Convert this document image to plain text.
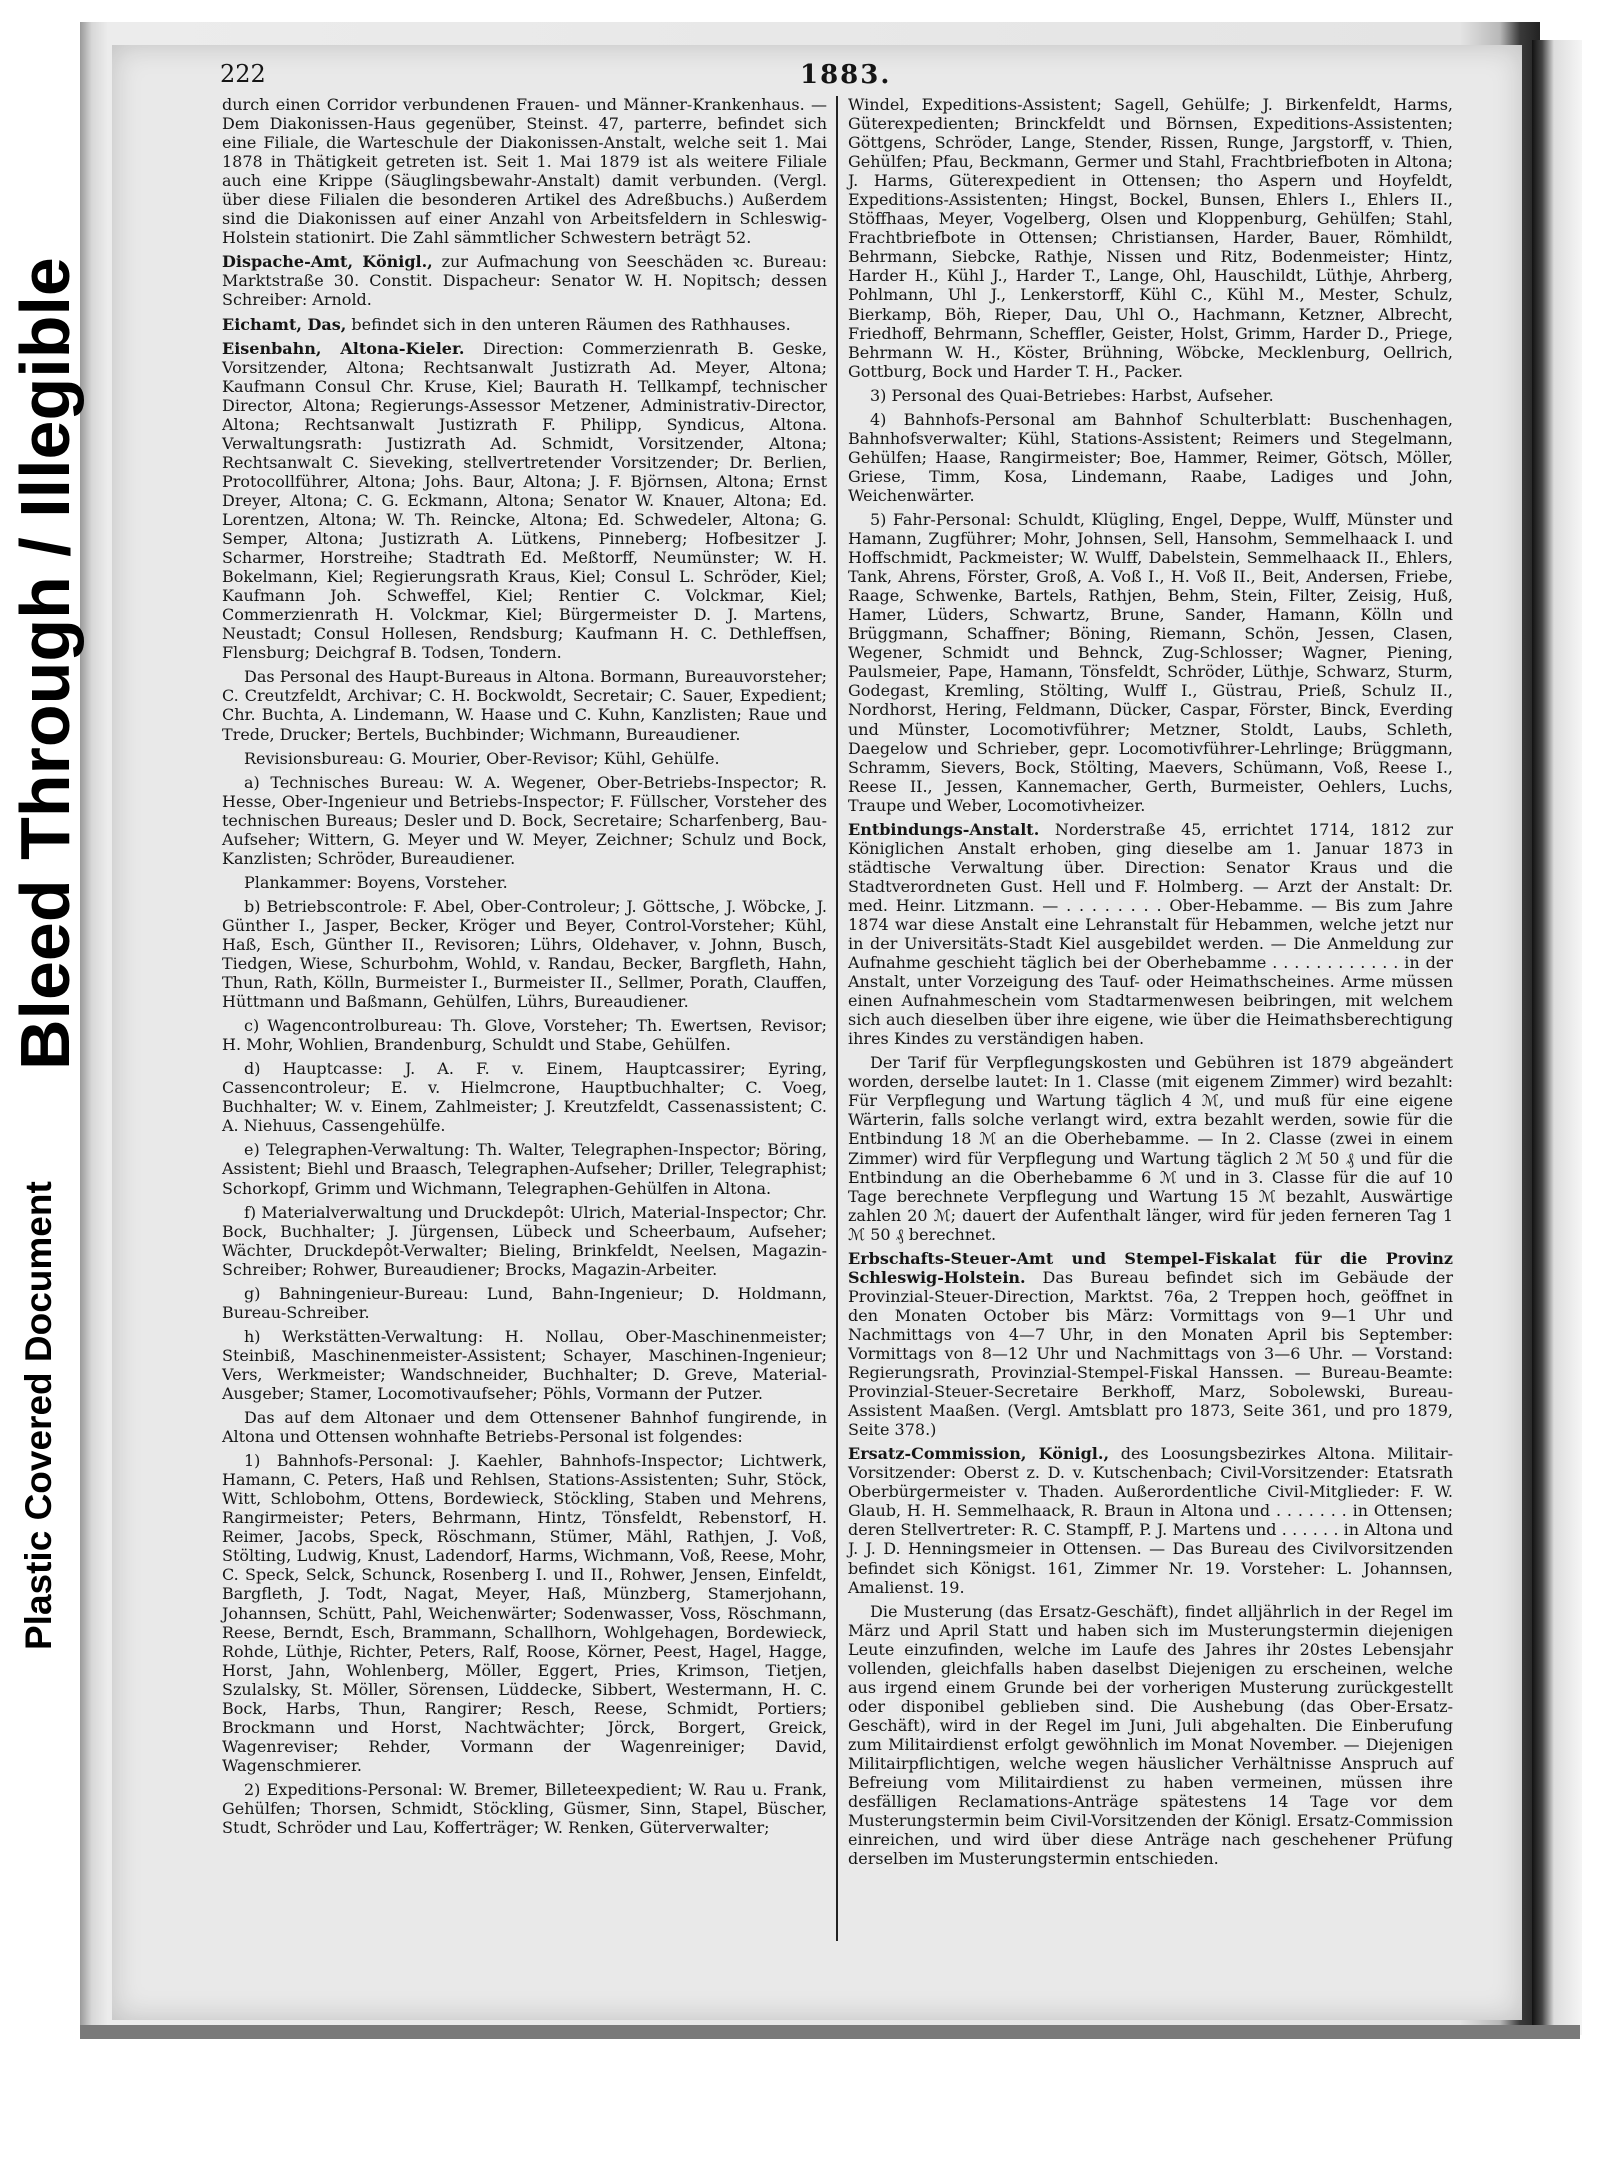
Plastic Covered Document
Bleed Through / Illegible
222	1883.

durch einen Corridor verbundenen Frauen- und Männer-Krankenhaus. — Dem Diakonissen-Haus gegenüber, Steinst. 47, parterre, befindet sich eine Filiale, die Warteschule der Diakonissen-Anstalt, welche seit 1. Mai 1878 in Thätigkeit getreten ist. Seit 1. Mai 1879 ist als weitere Filiale auch eine Krippe (Säuglingsbewahr-Anstalt) damit verbunden. (Vergl. über diese Filialen die besonderen Artikel des Adreßbuchs.) Außerdem sind die Diakonissen auf einer Anzahl von Arbeitsfeldern in Schleswig-Holstein stationirt. Die Zahl sämmtlicher Schwestern beträgt 52.

Dispache-Amt, Königl., zur Aufmachung von Seeschäden ꝛc. Bureau: Marktstraße 30. Constit. Dispacheur: Senator W. H. Nopitsch; dessen Schreiber: Arnold.

Eichamt, Das, befindet sich in den unteren Räumen des Rathhauses.

Eisenbahn, Altona-Kieler. Direction: Commerzienrath B. Geske, Vorsitzender, Altona; Rechtsanwalt Justizrath Ad. Meyer, Altona; Kaufmann Consul Chr. Kruse, Kiel; Baurath H. Tellkampf, technischer Director, Altona; Regierungs-Assessor Metzener, Administrativ-Director, Altona; Rechtsanwalt Justizrath F. Philipp, Syndicus, Altona. Verwaltungsrath: Justizrath Ad. Schmidt, Vorsitzender, Altona; Rechtsanwalt C. Sieveking, stellvertretender Vorsitzender; Dr. Berlien, Protocollführer, Altona; Johs. Baur, Altona; J. F. Björnsen, Altona; Ernst Dreyer, Altona; C. G. Eckmann, Altona; Senator W. Knauer, Altona; Ed. Lorentzen, Altona; W. Th. Reincke, Altona; Ed. Schwedeler, Altona; G. Semper, Altona; Justizrath A. Lütkens, Pinneberg; Hofbesitzer J. Scharmer, Horstreihe; Stadtrath Ed. Meßtorff, Neumünster; W. H. Bokelmann, Kiel; Regierungsrath Kraus, Kiel; Consul L. Schröder, Kiel; Kaufmann Joh. Schweffel, Kiel; Rentier C. Volckmar, Kiel; Commerzienrath H. Volckmar, Kiel; Bürgermeister D. J. Martens, Neustadt; Consul Hollesen, Rendsburg; Kaufmann H. C. Dethleffsen, Flensburg; Deichgraf B. Todsen, Tondern.

Das Personal des Haupt-Bureaus in Altona. Bormann, Bureauvorsteher; C. Creutzfeldt, Archivar; C. H. Bockwoldt, Secretair; C. Sauer, Expedient; Chr. Buchta, A. Lindemann, W. Haase und C. Kuhn, Kanzlisten; Raue und Trede, Drucker; Bertels, Buchbinder; Wichmann, Bureaudiener.

Revisionsbureau: G. Mourier, Ober-Revisor; Kühl, Gehülfe.

a) Technisches Bureau: W. A. Wegener, Ober-Betriebs-Inspector; R. Hesse, Ober-Ingenieur und Betriebs-Inspector; F. Füllscher, Vorsteher des technischen Bureaus; Desler und D. Bock, Secretaire; Scharfenberg, Bau-Aufseher; Wittern, G. Meyer und W. Meyer, Zeichner; Schulz und Bock, Kanzlisten; Schröder, Bureaudiener.

Plankammer: Boyens, Vorsteher.

b) Betriebscontrole: F. Abel, Ober-Controleur; J. Göttsche, J. Wöbcke, J. Günther I., Jasper, Becker, Kröger und Beyer, Control-Vorsteher; Kühl, Haß, Esch, Günther II., Revisoren; Lührs, Oldehaver, v. Johnn, Busch, Tiedgen, Wiese, Schurbohm, Wohld, v. Randau, Becker, Bargfleth, Hahn, Thun, Rath, Kölln, Burmeister I., Burmeister II., Sellmer, Porath, Clauffen, Hüttmann und Baßmann, Gehülfen, Lührs, Bureaudiener.

c) Wagencontrolbureau: Th. Glove, Vorsteher; Th. Ewertsen, Revisor; H. Mohr, Wohlien, Brandenburg, Schuldt und Stabe, Gehülfen.

d) Hauptcasse: J. A. F. v. Einem, Hauptcassirer; Eyring, Cassencontroleur; E. v. Hielmcrone, Hauptbuchhalter; C. Voeg, Buchhalter; W. v. Einem, Zahlmeister; J. Kreutzfeldt, Cassenassistent; C. A. Niehuus, Cassengehülfe.

e) Telegraphen-Verwaltung: Th. Walter, Telegraphen-Inspector; Böring, Assistent; Biehl und Braasch, Telegraphen-Aufseher; Driller, Telegraphist; Schorkopf, Grimm und Wichmann, Telegraphen-Gehülfen in Altona.

f) Materialverwaltung und Druckdepôt: Ulrich, Material-Inspector; Chr. Bock, Buchhalter; J. Jürgensen, Lübeck und Scheerbaum, Aufseher; Wächter, Druckdepôt-Verwalter; Bieling, Brinkfeldt, Neelsen, Magazin-Schreiber; Rohwer, Bureaudiener; Brocks, Magazin-Arbeiter.

g) Bahningenieur-Bureau: Lund, Bahn-Ingenieur; D. Holdmann, Bureau-Schreiber.

h) Werkstätten-Verwaltung: H. Nollau, Ober-Maschinenmeister; Steinbiß, Maschinenmeister-Assistent; Schayer, Maschinen-Ingenieur; Vers, Werkmeister; Wandschneider, Buchhalter; D. Greve, Material-Ausgeber; Stamer, Locomotivaufseher; Pöhls, Vormann der Putzer.

Das auf dem Altonaer und dem Ottensener Bahnhof fungirende, in Altona und Ottensen wohnhafte Betriebs-Personal ist folgendes:

1) Bahnhofs-Personal: J. Kaehler, Bahnhofs-Inspector; Lichtwerk, Hamann, C. Peters, Haß und Rehlsen, Stations-Assistenten; Suhr, Stöck, Witt, Schlobohm, Ottens, Bordewieck, Stöckling, Staben und Mehrens, Rangirmeister; Peters, Behrmann, Hintz, Tönsfeldt, Rebenstorf, H. Reimer, Jacobs, Speck, Röschmann, Stümer, Mähl, Rathjen, J. Voß, Stölting, Ludwig, Knust, Ladendorf, Harms, Wichmann, Voß, Reese, Mohr, C. Speck, Selck, Schunck, Rosenberg I. und II., Rohwer, Jensen, Einfeldt, Bargfleth, J. Todt, Nagat, Meyer, Haß, Münzberg, Stamerjohann, Johannsen, Schütt, Pahl, Weichenwärter; Sodenwasser, Voss, Röschmann, Reese, Berndt, Esch, Brammann, Schallhorn, Wohlgehagen, Bordewieck, Rohde, Lüthje, Richter, Peters, Ralf, Roose, Körner, Peest, Hagel, Hagge, Horst, Jahn, Wohlenberg, Möller, Eggert, Pries, Krimson, Tietjen, Szulalsky, St. Möller, Sörensen, Lüddecke, Sibbert, Westermann, H. C. Bock, Harbs, Thun, Rangirer; Resch, Reese, Schmidt, Portiers; Brockmann und Horst, Nachtwächter; Jörck, Borgert, Greick, Wagenreviser; Rehder, Vormann der Wagenreiniger; David, Wagenschmierer.

2) Expeditions-Personal: W. Bremer, Billeteexpedient; W. Rau u. Frank, Gehülfen; Thorsen, Schmidt, Stöckling, Güsmer, Sinn, Stapel, Büscher, Studt, Schröder und Lau, Kofferträger; W. Renken, Güterverwalter;

Windel, Expeditions-Assistent; Sagell, Gehülfe; J. Birkenfeldt, Harms, Güterexpedienten; Brinckfeldt und Börnsen, Expeditions-Assistenten; Göttgens, Schröder, Lange, Stender, Rissen, Runge, Jargstorff, v. Thien, Gehülfen; Pfau, Beckmann, Germer und Stahl, Frachtbriefboten in Altona; J. Harms, Güterexpedient in Ottensen; tho Aspern und Hoyfeldt, Expeditions-Assistenten; Hingst, Bockel, Bunsen, Ehlers I., Ehlers II., Stöffhaas, Meyer, Vogelberg, Olsen und Kloppenburg, Gehülfen; Stahl, Frachtbriefbote in Ottensen; Christiansen, Harder, Bauer, Römhildt, Behrmann, Siebcke, Rathje, Nissen und Ritz, Bodenmeister; Hintz, Harder H., Kühl J., Harder T., Lange, Ohl, Hauschildt, Lüthje, Ahrberg, Pohlmann, Uhl J., Lenkerstorff, Kühl C., Kühl M., Mester, Schulz, Bierkamp, Böh, Rieper, Dau, Uhl O., Hachmann, Ketzner, Albrecht, Friedhoff, Behrmann, Scheffler, Geister, Holst, Grimm, Harder D., Priege, Behrmann W. H., Köster, Brühning, Wöbcke, Mecklenburg, Oellrich, Gottburg, Bock und Harder T. H., Packer.

3) Personal des Quai-Betriebes: Harbst, Aufseher.

4) Bahnhofs-Personal am Bahnhof Schulterblatt: Buschenhagen, Bahnhofsverwalter; Kühl, Stations-Assistent; Reimers und Stegelmann, Gehülfen; Haase, Rangirmeister; Boe, Hammer, Reimer, Götsch, Möller, Griese, Timm, Kosa, Lindemann, Raabe, Ladiges und John, Weichenwärter.

5) Fahr-Personal: Schuldt, Klügling, Engel, Deppe, Wulff, Münster und Hamann, Zugführer; Mohr, Johnsen, Sell, Hansohm, Semmelhaack I. und Hoffschmidt, Packmeister; W. Wulff, Dabelstein, Semmelhaack II., Ehlers, Tank, Ahrens, Förster, Groß, A. Voß I., H. Voß II., Beit, Andersen, Friebe, Raage, Schwenke, Bartels, Rathjen, Behm, Stein, Filter, Zeisig, Huß, Hamer, Lüders, Schwartz, Brune, Sander, Hamann, Kölln und Brüggmann, Schaffner; Böning, Riemann, Schön, Jessen, Clasen, Wegener, Schmidt und Behnck, Zug-Schlosser; Wagner, Piening, Paulsmeier, Pape, Hamann, Tönsfeldt, Schröder, Lüthje, Schwarz, Sturm, Godegast, Kremling, Stölting, Wulff I., Güstrau, Prieß, Schulz II., Nordhorst, Hering, Feldmann, Dücker, Caspar, Förster, Binck, Everding und Münster, Locomotivführer; Metzner, Stoldt, Laubs, Schleth, Daegelow und Schrieber, gepr. Locomotivführer-Lehrlinge; Brüggmann, Schramm, Sievers, Bock, Stölting, Maevers, Schümann, Voß, Reese I., Reese II., Jessen, Kannemacher, Gerth, Burmeister, Oehlers, Luchs, Traupe und Weber, Locomotivheizer.

Entbindungs-Anstalt. Norderstraße 45, errichtet 1714, 1812 zur Königlichen Anstalt erhoben, ging dieselbe am 1. Januar 1873 in städtische Verwaltung über. Direction: Senator Kraus und die Stadtverordneten Gust. Hell und F. Holmberg. — Arzt der Anstalt: Dr. med. Heinr. Litzmann. — . . . . . . . . Ober-Hebamme. — Bis zum Jahre 1874 war diese Anstalt eine Lehranstalt für Hebammen, welche jetzt nur in der Universitäts-Stadt Kiel ausgebildet werden. — Die Anmeldung zur Aufnahme geschieht täglich bei der Oberhebamme . . . . . . . . . . . . in der Anstalt, unter Vorzeigung des Tauf- oder Heimathscheines. Arme müssen einen Aufnahmeschein vom Stadtarmenwesen beibringen, mit welchem sich auch dieselben über ihre eigene, wie über die Heimathsberechtigung ihres Kindes zu verständigen haben.

Der Tarif für Verpflegungskosten und Gebühren ist 1879 abgeändert worden, derselbe lautet: In 1. Classe (mit eigenem Zimmer) wird bezahlt: Für Verpflegung und Wartung täglich 4 ℳ, und muß für eine eigene Wärterin, falls solche verlangt wird, extra bezahlt werden, sowie für die Entbindung 18 ℳ an die Oberhebamme. — In 2. Classe (zwei in einem Zimmer) wird für Verpflegung und Wartung täglich 2 ℳ 50 ₰ und für die Entbindung an die Oberhebamme 6 ℳ und in 3. Classe für die auf 10 Tage berechnete Verpflegung und Wartung 15 ℳ bezahlt, Auswärtige zahlen 20 ℳ; dauert der Aufenthalt länger, wird für jeden ferneren Tag 1 ℳ 50 ₰ berechnet.

Erbschafts-Steuer-Amt und Stempel-Fiskalat für die Provinz Schleswig-Holstein. Das Bureau befindet sich im Gebäude der Provinzial-Steuer-Direction, Marktst. 76a, 2 Treppen hoch, geöffnet in den Monaten October bis März: Vormittags von 9—1 Uhr und Nachmittags von 4—7 Uhr, in den Monaten April bis September: Vormittags von 8—12 Uhr und Nachmittags von 3—6 Uhr. — Vorstand: Regierungsrath, Provinzial-Stempel-Fiskal Hanssen. — Bureau-Beamte: Provinzial-Steuer-Secretaire Berkhoff, Marz, Sobolewski, Bureau-Assistent Maaßen. (Vergl. Amtsblatt pro 1873, Seite 361, und pro 1879, Seite 378.)

Ersatz-Commission, Königl., des Loosungsbezirkes Altona. Militair-Vorsitzender: Oberst z. D. v. Kutschenbach; Civil-Vorsitzender: Etatsrath Oberbürgermeister v. Thaden. Außerordentliche Civil-Mitglieder: F. W. Glaub, H. H. Semmelhaack, R. Braun in Altona und . . . . . . . in Ottensen; deren Stellvertreter: R. C. Stampff, P. J. Martens und . . . . . . in Altona und J. J. D. Henningsmeier in Ottensen. — Das Bureau des Civilvorsitzenden befindet sich Königst. 161, Zimmer Nr. 19. Vorsteher: L. Johannsen, Amalienst. 19.

Die Musterung (das Ersatz-Geschäft), findet alljährlich in der Regel im März und April Statt und haben sich im Musterungstermin diejenigen Leute einzufinden, welche im Laufe des Jahres ihr 20stes Lebensjahr vollenden, gleichfalls haben daselbst Diejenigen zu erscheinen, welche aus irgend einem Grunde bei der vorherigen Musterung zurückgestellt oder disponibel geblieben sind. Die Aushebung (das Ober-Ersatz-Geschäft), wird in der Regel im Juni, Juli abgehalten. Die Einberufung zum Militairdienst erfolgt gewöhnlich im Monat November. — Diejenigen Militairpflichtigen, welche wegen häuslicher Verhältnisse Anspruch auf Befreiung vom Militairdienst zu haben vermeinen, müssen ihre desfälligen Reclamations-Anträge spätestens 14 Tage vor dem Musterungstermin beim Civil-Vorsitzenden der Königl. Ersatz-Commission einreichen, und wird über diese Anträge nach geschehener Prüfung derselben im Musterungstermin entschieden.
